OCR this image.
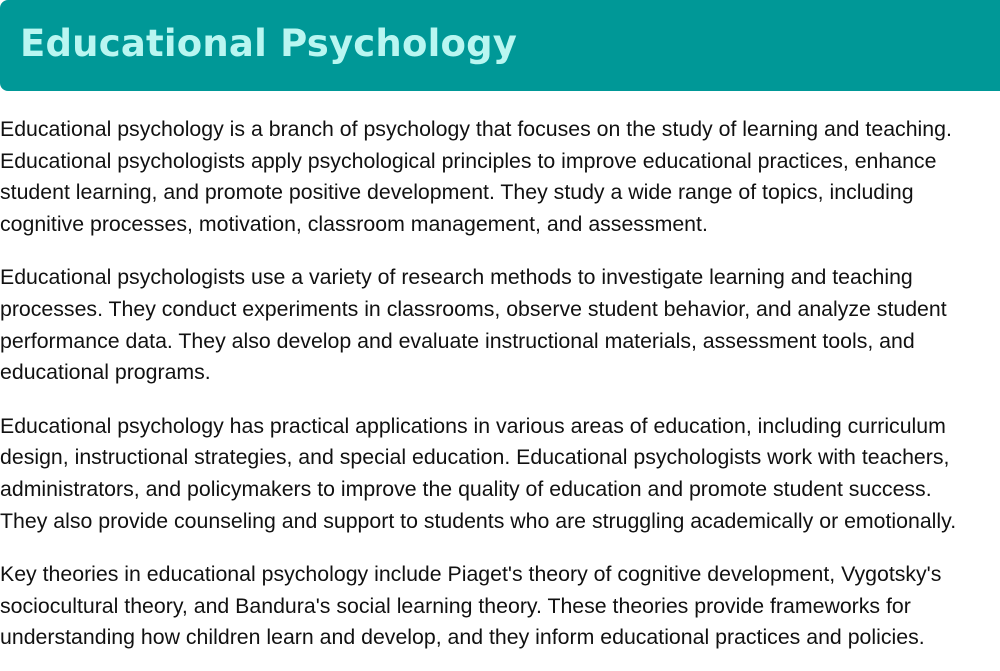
Educational Psychology

Educational psychology is a branch of psychology that focuses on the study of learning and teaching.
Educational psychologists apply psychological principles to improve educational practices, enhance
student learning, and promote positive development. They study a wide range of topics, including
cognitive processes, motivation, classroom management, and assessment.

Educational psychologists use a variety of research methods to investigate learning and teaching
processes. They conduct experiments in classrooms, observe student behavior, and analyze student
performance data. They also develop and evaluate instructional materials, assessment tools, and
educational programs.

Educational psychology has practical applications in various areas of education, including curriculum
design, instructional strategies, and special education. Educational psychologists work with teachers,
administrators, and policymakers to improve the quality of education and promote student success.
They also provide counseling and support to students who are struggling academically or emotionally.

Key theories in educational psychology include Piaget's theory of cognitive development, Vygotsky's
sociocultural theory, and Bandura's social learning theory. These theories provide frameworks for
understanding how children learn and develop, and they inform educational practices and policies.
